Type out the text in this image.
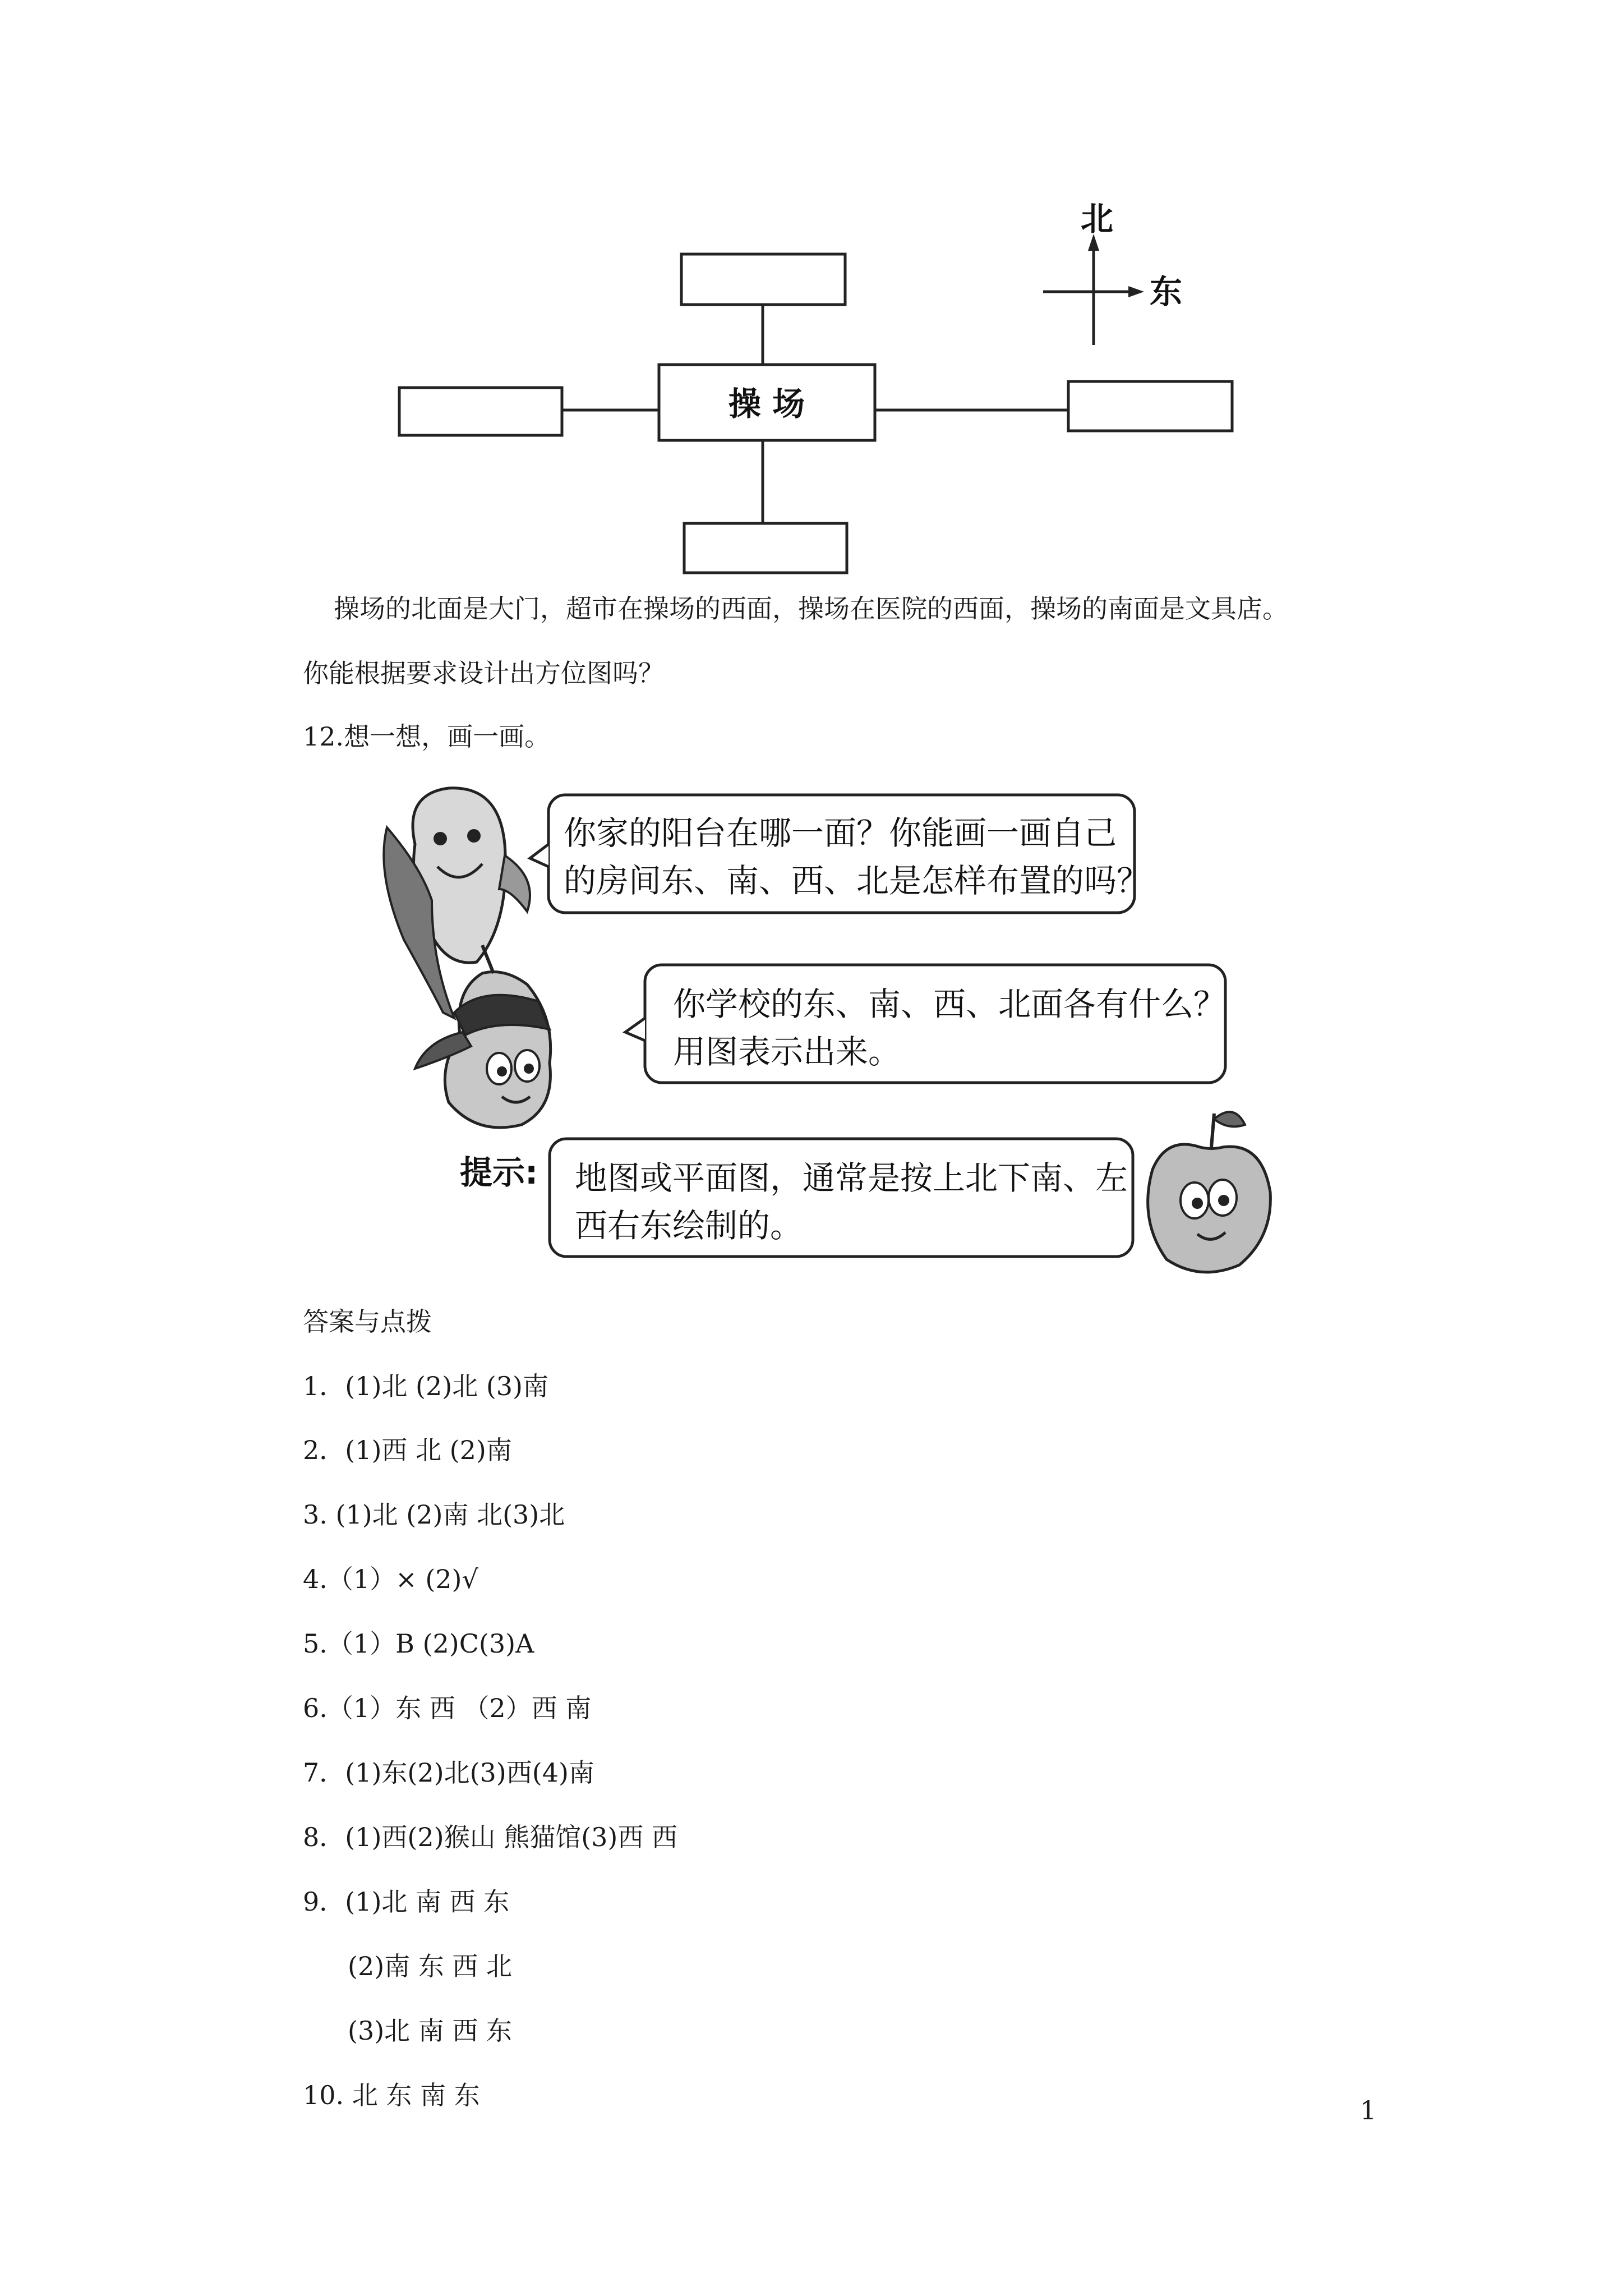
操 场
北
东
操场的北面是大门，超市在操场的西面，操场在医院的西面，操场的南面是文具店。
你能根据要求设计出方位图吗？
12.想一想，画一画。
你家的阳台在哪一面？你能画一画自己
的房间东、南、西、北是怎样布置的吗？
你学校的东、南、西、北面各有什么？
用图表示出来。
提示: 地图或平面图，通常是按上北下南、左
西右东绘制的。
答案与点拨
1．(1)北 (2)北 (3)南
2．(1)西 北 (2)南
3. (1)北 (2)南 北(3)北
4.（1）× (2)√
5.（1）B (2)C(3)A
6.（1）东 西 （2）西 南
7．(1)东(2)北(3)西(4)南
8．(1)西(2)猴山 熊猫馆(3)西 西
9．(1)北 南 西 东
(2)南 东 西 北
(3)北 南 西 东
10. 北 东 南 东	1
